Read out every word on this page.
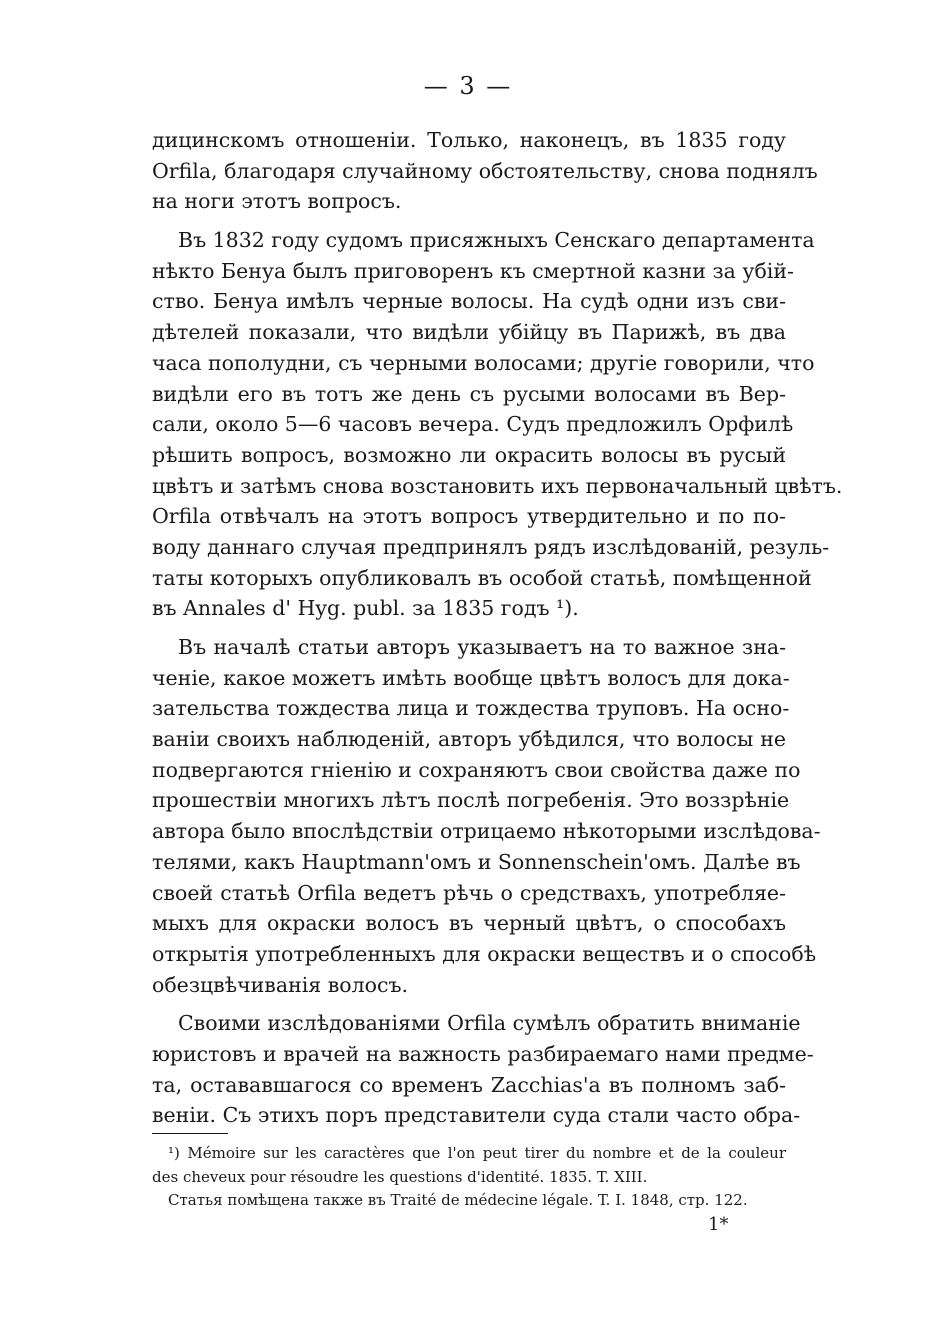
— 3 —
дицинскомъ отношеніи. Только, наконецъ, въ 1835 году
Orfila, благодаря случайному обстоятельству, снова поднялъ
на ноги этотъ вопросъ.
Въ 1832 году судомъ присяжныхъ Сенскаго департамента
нѣкто Бенуа былъ приговоренъ къ смертной казни за убій-
ство. Бенуа имѣлъ черные волосы. На судѣ одни изъ сви-
дѣтелей показали, что видѣли убійцу въ Парижѣ, въ два
часа пополудни, съ черными волосами; другіе говорили, что
видѣли его въ тотъ же день съ русыми волосами въ Вер-
сали, около 5—6 часовъ вечера. Судъ предложилъ Орфилѣ
рѣшить вопросъ, возможно ли окрасить волосы въ русый
цвѣтъ и затѣмъ снова возстановить ихъ первоначальный цвѣтъ.
Orfila отвѣчалъ на этотъ вопросъ утвердительно и по по-
воду даннаго случая предпринялъ рядъ изслѣдованій, резуль-
таты которыхъ опубликовалъ въ особой статьѣ, помѣщенной
въ Annales d' Hyg. publ. за 1835 годъ ¹).
Въ началѣ статьи авторъ указываетъ на то важное зна-
ченіе, какое можетъ имѣть вообще цвѣтъ волосъ для дока-
зательства тождества лица и тождества труповъ. На осно-
ваніи своихъ наблюденій, авторъ убѣдился, что волосы не
подвергаются гніенію и сохраняютъ свои свойства даже по
прошествіи многихъ лѣтъ послѣ погребенія. Это воззрѣніе
автора было впослѣдствіи отрицаемо нѣкоторыми изслѣдова-
телями, какъ Hauptmann'омъ и Sonnenschein'омъ. Далѣе въ
своей статьѣ Orfila ведетъ рѣчь о средствахъ, употребляе-
мыхъ для окраски волосъ въ черный цвѣтъ, о способахъ
открытія употребленныхъ для окраски веществъ и о способѣ
обезцвѣчиванія волосъ.
Своими изслѣдованіями Orfila сумѣлъ обратить вниманіе
юристовъ и врачей на важность разбираемаго нами предме-
та, остававшагося со временъ Zacchias'а въ полномъ заб-
веніи. Съ этихъ поръ представители суда стали часто обра-
¹) Mémoire sur les caractères que l'on peut tirer du nombre et de la couleur
des cheveux pour résoudre les questions d'identité. 1835. T. XIII.
Статья помѣщена также въ Traité de médecine légale. T. I. 1848, стр. 122.
1*
